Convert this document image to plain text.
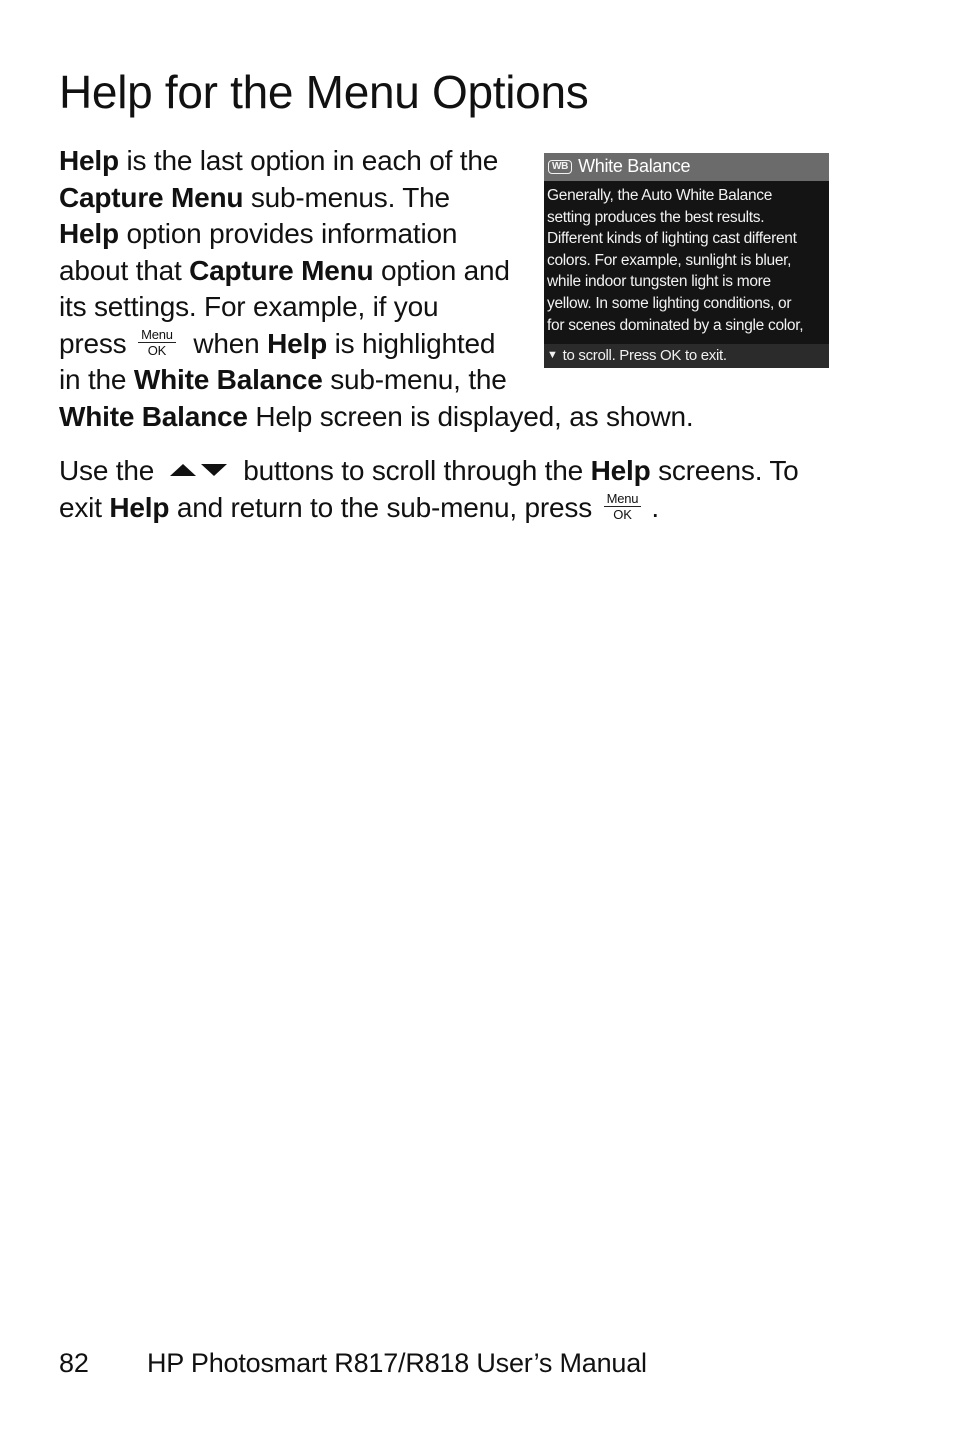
Help for the Menu Options

WB White Balance
Generally, the Auto White Balance
setting produces the best results.
Different kinds of lighting cast different
colors. For example, sunlight is bluer,
while indoor tungsten light is more
yellow. In some lighting conditions, or
for scenes dominated by a single color,
▼ to scroll. Press OK to exit.
Help is the last option in each of the Capture Menu sub-menus. The Help option provides information about that Capture Menu option and its settings. For example, if you press Menu
OK when Help is highlighted in the White Balance sub-menu, the White Balance Help screen is displayed, as shown.

Use the	buttons to scroll through the Help screens. To exit Help and return to the sub-menu, press Menu
OK .

82 HP Photosmart R817/R818 User’s Manual
